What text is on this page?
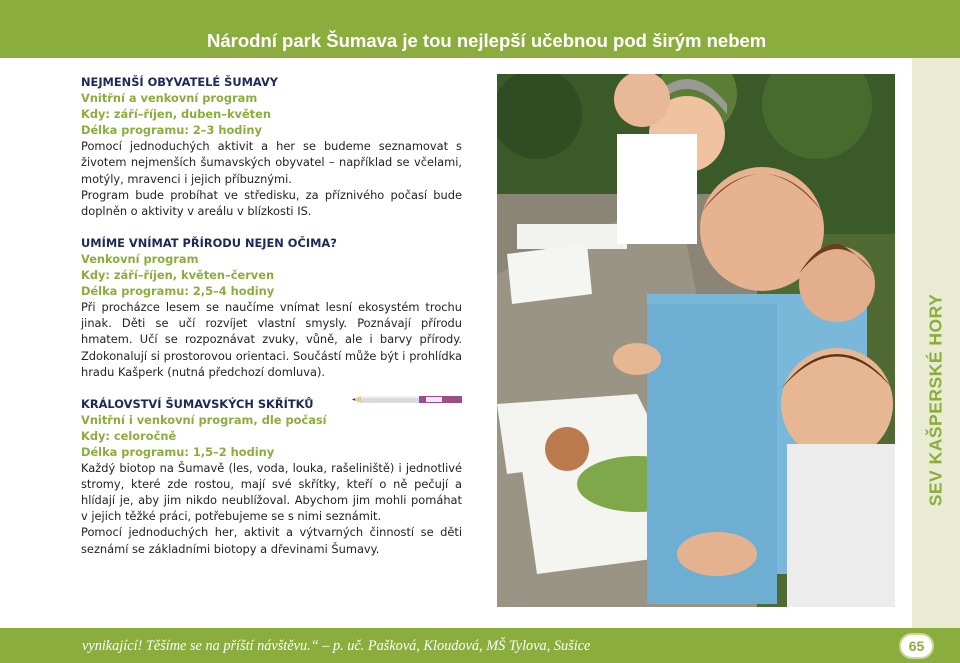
Národní park Šumava je tou nejlepší učebnou pod širým nebem
SEV KAŠPERSKÉ HORY
NEJMENŠÍ OBYVATELÉ ŠUMAVY
Vnitřní a venkovní program
Kdy: září–říjen, duben–květen
Délka programu: 2–3 hodiny
Pomocí jednoduchých aktivit a her se budeme seznamovat s životem nejmenších šumavských obyvatel – například se včelami, motýly, mravenci i jejich příbuznými.
Program bude probíhat ve středisku, za příznivého počasí bude doplněn o aktivity v areálu v blízkosti IS.
UMÍME VNÍMAT PŘÍRODU NEJEN OČIMA?
Venkovní program
Kdy: září–říjen, květen–červen
Délka programu: 2,5–4 hodiny
Při procházce lesem se naučíme vnímat lesní ekosystém trochu jinak. Děti se učí rozvíjet vlastní smysly. Poznávají přírodu hmatem. Učí se rozpoznávat zvuky, vůně, ale i barvy přírody. Zdokonalují si prostorovou orientaci. Součástí může být i prohlídka hradu Kašperk (nutná předchozí domluva).
KRÁLOVSTVÍ ŠUMAVSKÝCH SKŘÍTKŮ
Vnitřní i venkovní program, dle počasí
Kdy: celoročně
Délka programu: 1,5–2 hodiny
Každý biotop na Šumavě (les, voda, louka, rašeliniště) i jednotlivé stromy, které zde rostou, mají své skřítky, kteří o ně pečují a hlídají je, aby jim nikdo neublížoval. Abychom jim mohli pomáhat v jejich těžké práci, potřebujeme se s nimi seznámit.
Pomocí jednoduchých her, aktivit a výtvarných činností se děti seznámí se základními biotopy a dřevinami Šumavy.
vynikající! Těšíme se na příští návštěvu.“ – p. uč. Pašková, Kloudová, MŠ Tylova, Sušice	65
